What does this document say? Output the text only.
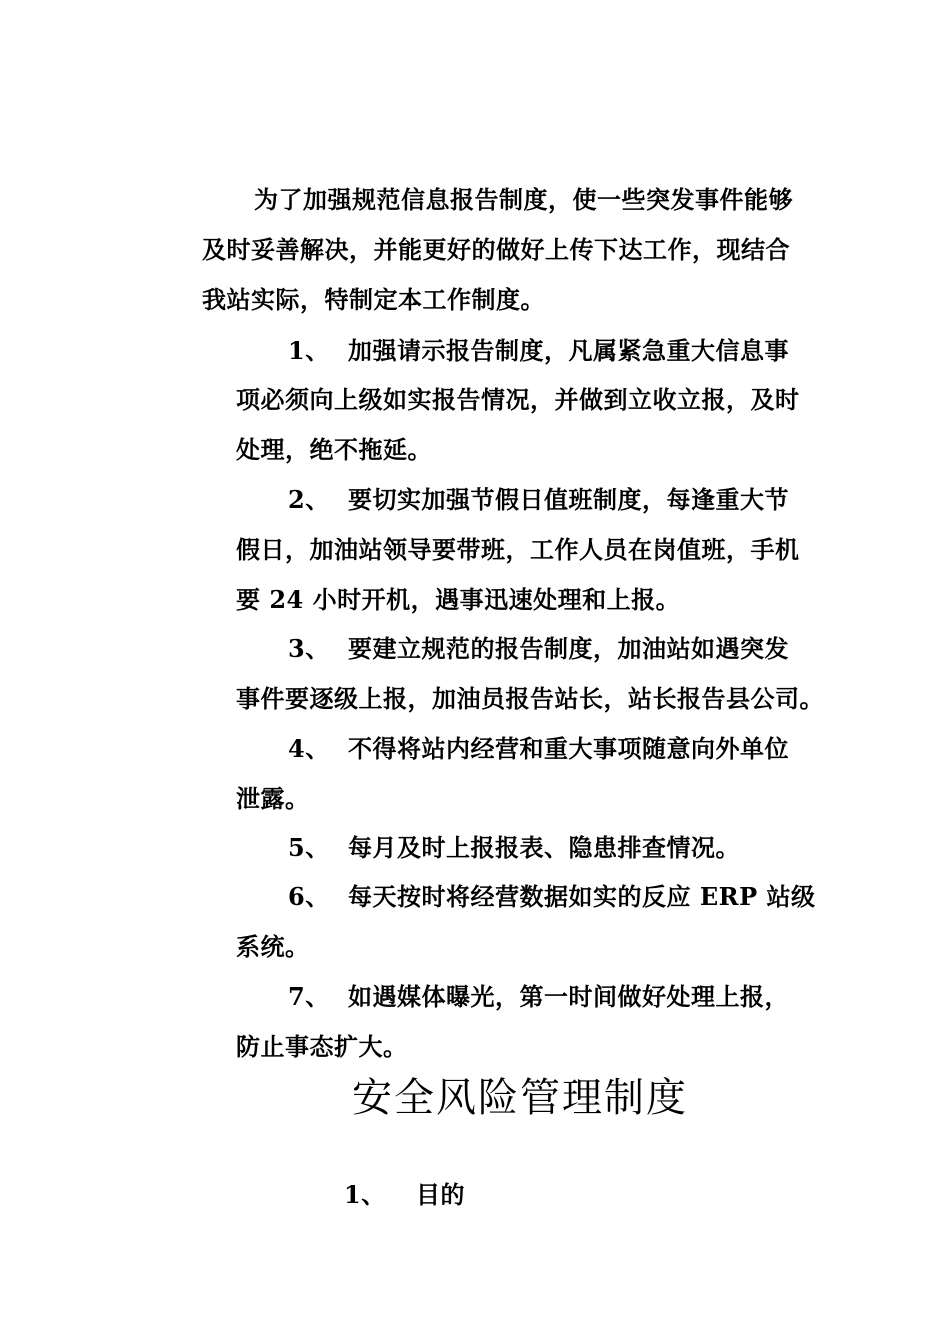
为了加强规范信息报告制度，使一些突发事件能够
及时妥善解决，并能更好的做好上传下达工作，现结合
我站实际，特制定本工作制度。
1、 加强请示报告制度，凡属紧急重大信息事
项必须向上级如实报告情况，并做到立收立报，及时
处理，绝不拖延。
2、 要切实加强节假日值班制度，每逢重大节
假日，加油站领导要带班，工作人员在岗值班，手机
要 24 小时开机，遇事迅速处理和上报。
3、 要建立规范的报告制度，加油站如遇突发
事件要逐级上报，加油员报告站长，站长报告县公司。
4、 不得将站内经营和重大事项随意向外单位
泄露。
5、 每月及时上报报表、隐患排查情况。
6、 每天按时将经营数据如实的反应 ERP 站级
系统。
7、 如遇媒体曝光，第一时间做好处理上报，
防止事态扩大。
安全风险管理制度
1、 目的
